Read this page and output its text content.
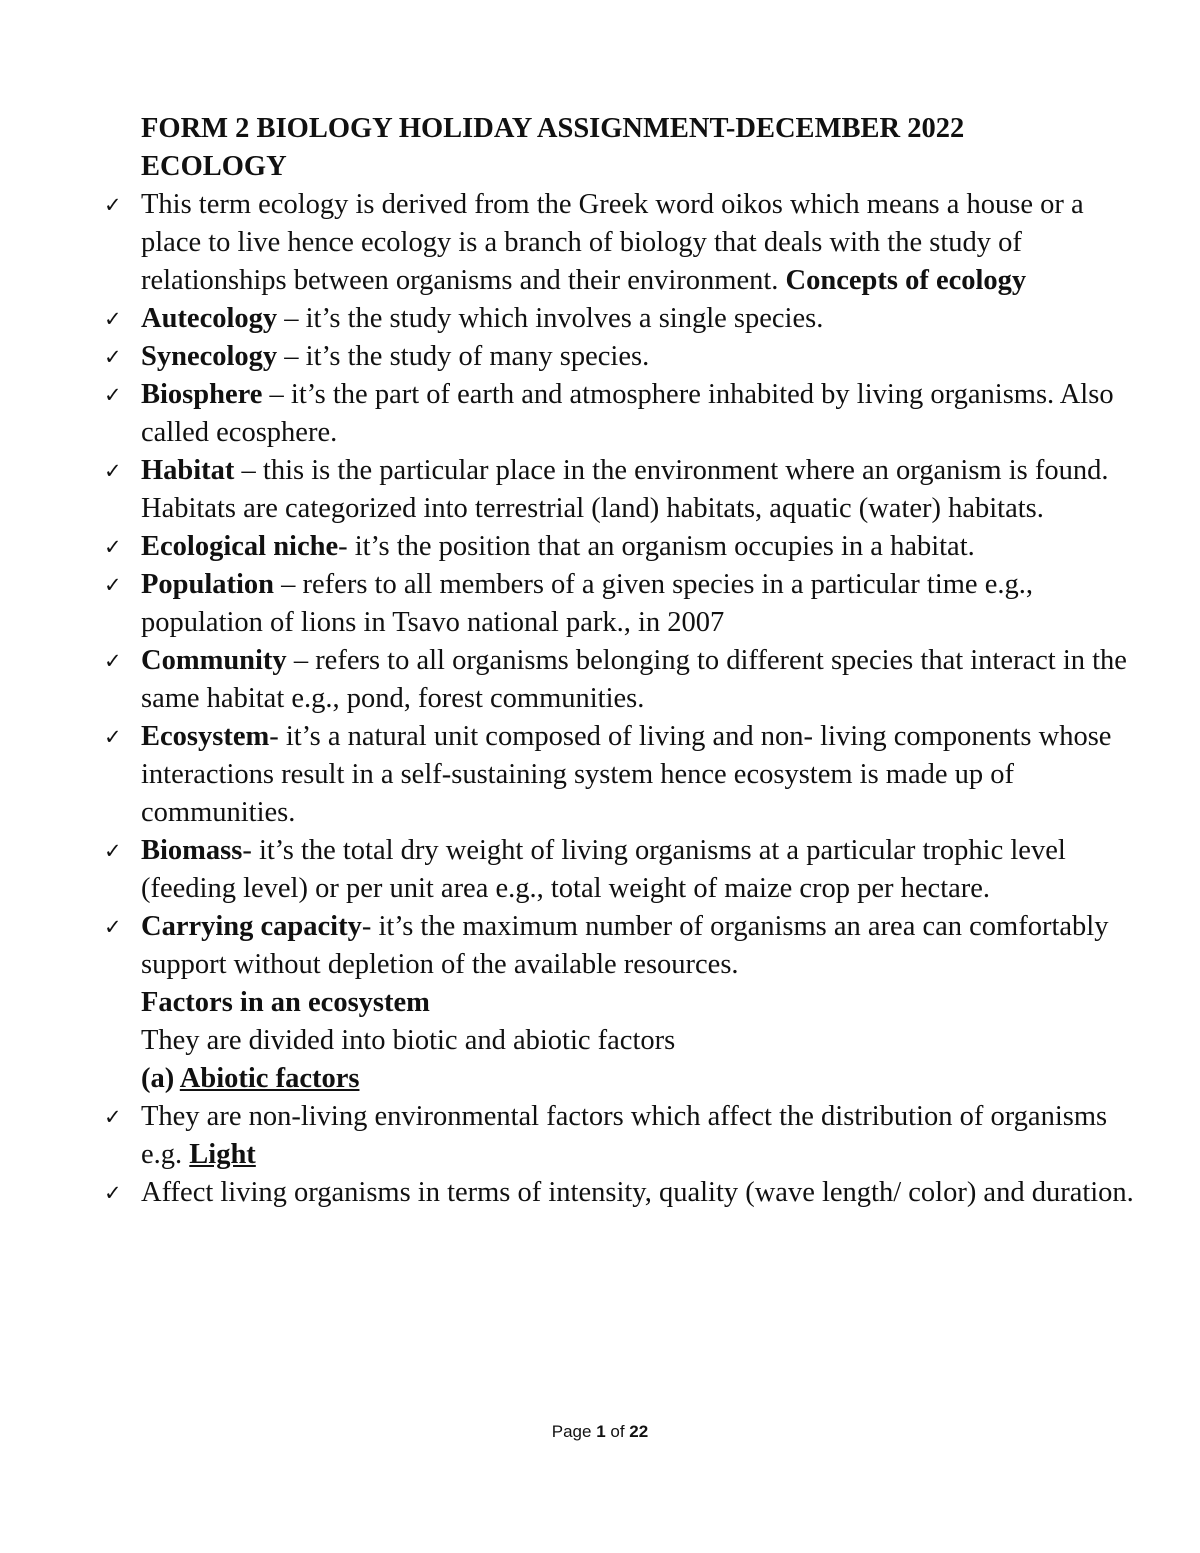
FORM 2 BIOLOGY HOLIDAY ASSIGNMENT-DECEMBER 2022
ECOLOGY
✓ This term ecology is derived from the Greek word oikos which means a house or a place to live hence ecology is a branch of biology that deals with the study of relationships between organisms and their environment. Concepts of ecology
✓ Autecology – it’s the study which involves a single species.
✓ Synecology – it’s the study of many species.
✓ Biosphere – it’s the part of earth and atmosphere inhabited by living organisms. Also called ecosphere.
✓ Habitat – this is the particular place in the environment where an organism is found. Habitats are categorized into terrestrial (land) habitats, aquatic (water) habitats.
✓ Ecological niche- it’s the position that an organism occupies in a habitat.
✓ Population – refers to all members of a given species in a particular time e.g., population of lions in Tsavo national park., in 2007
✓ Community – refers to all organisms belonging to different species that interact in the same habitat e.g., pond, forest communities.
✓ Ecosystem- it’s a natural unit composed of living and non- living components whose interactions result in a self-sustaining system hence ecosystem is made up of communities.
✓ Biomass- it’s the total dry weight of living organisms at a particular trophic level (feeding level) or per unit area e.g., total weight of maize crop per hectare.
✓ Carrying capacity- it’s the maximum number of organisms an area can comfortably support without depletion of the available resources.
Factors in an ecosystem
They are divided into biotic and abiotic factors
(a) Abiotic factors
✓ They are non-living environmental factors which affect the distribution of organisms e.g. Light
✓ Affect living organisms in terms of intensity, quality (wave length/ color) and duration.
Page 1 of 22
